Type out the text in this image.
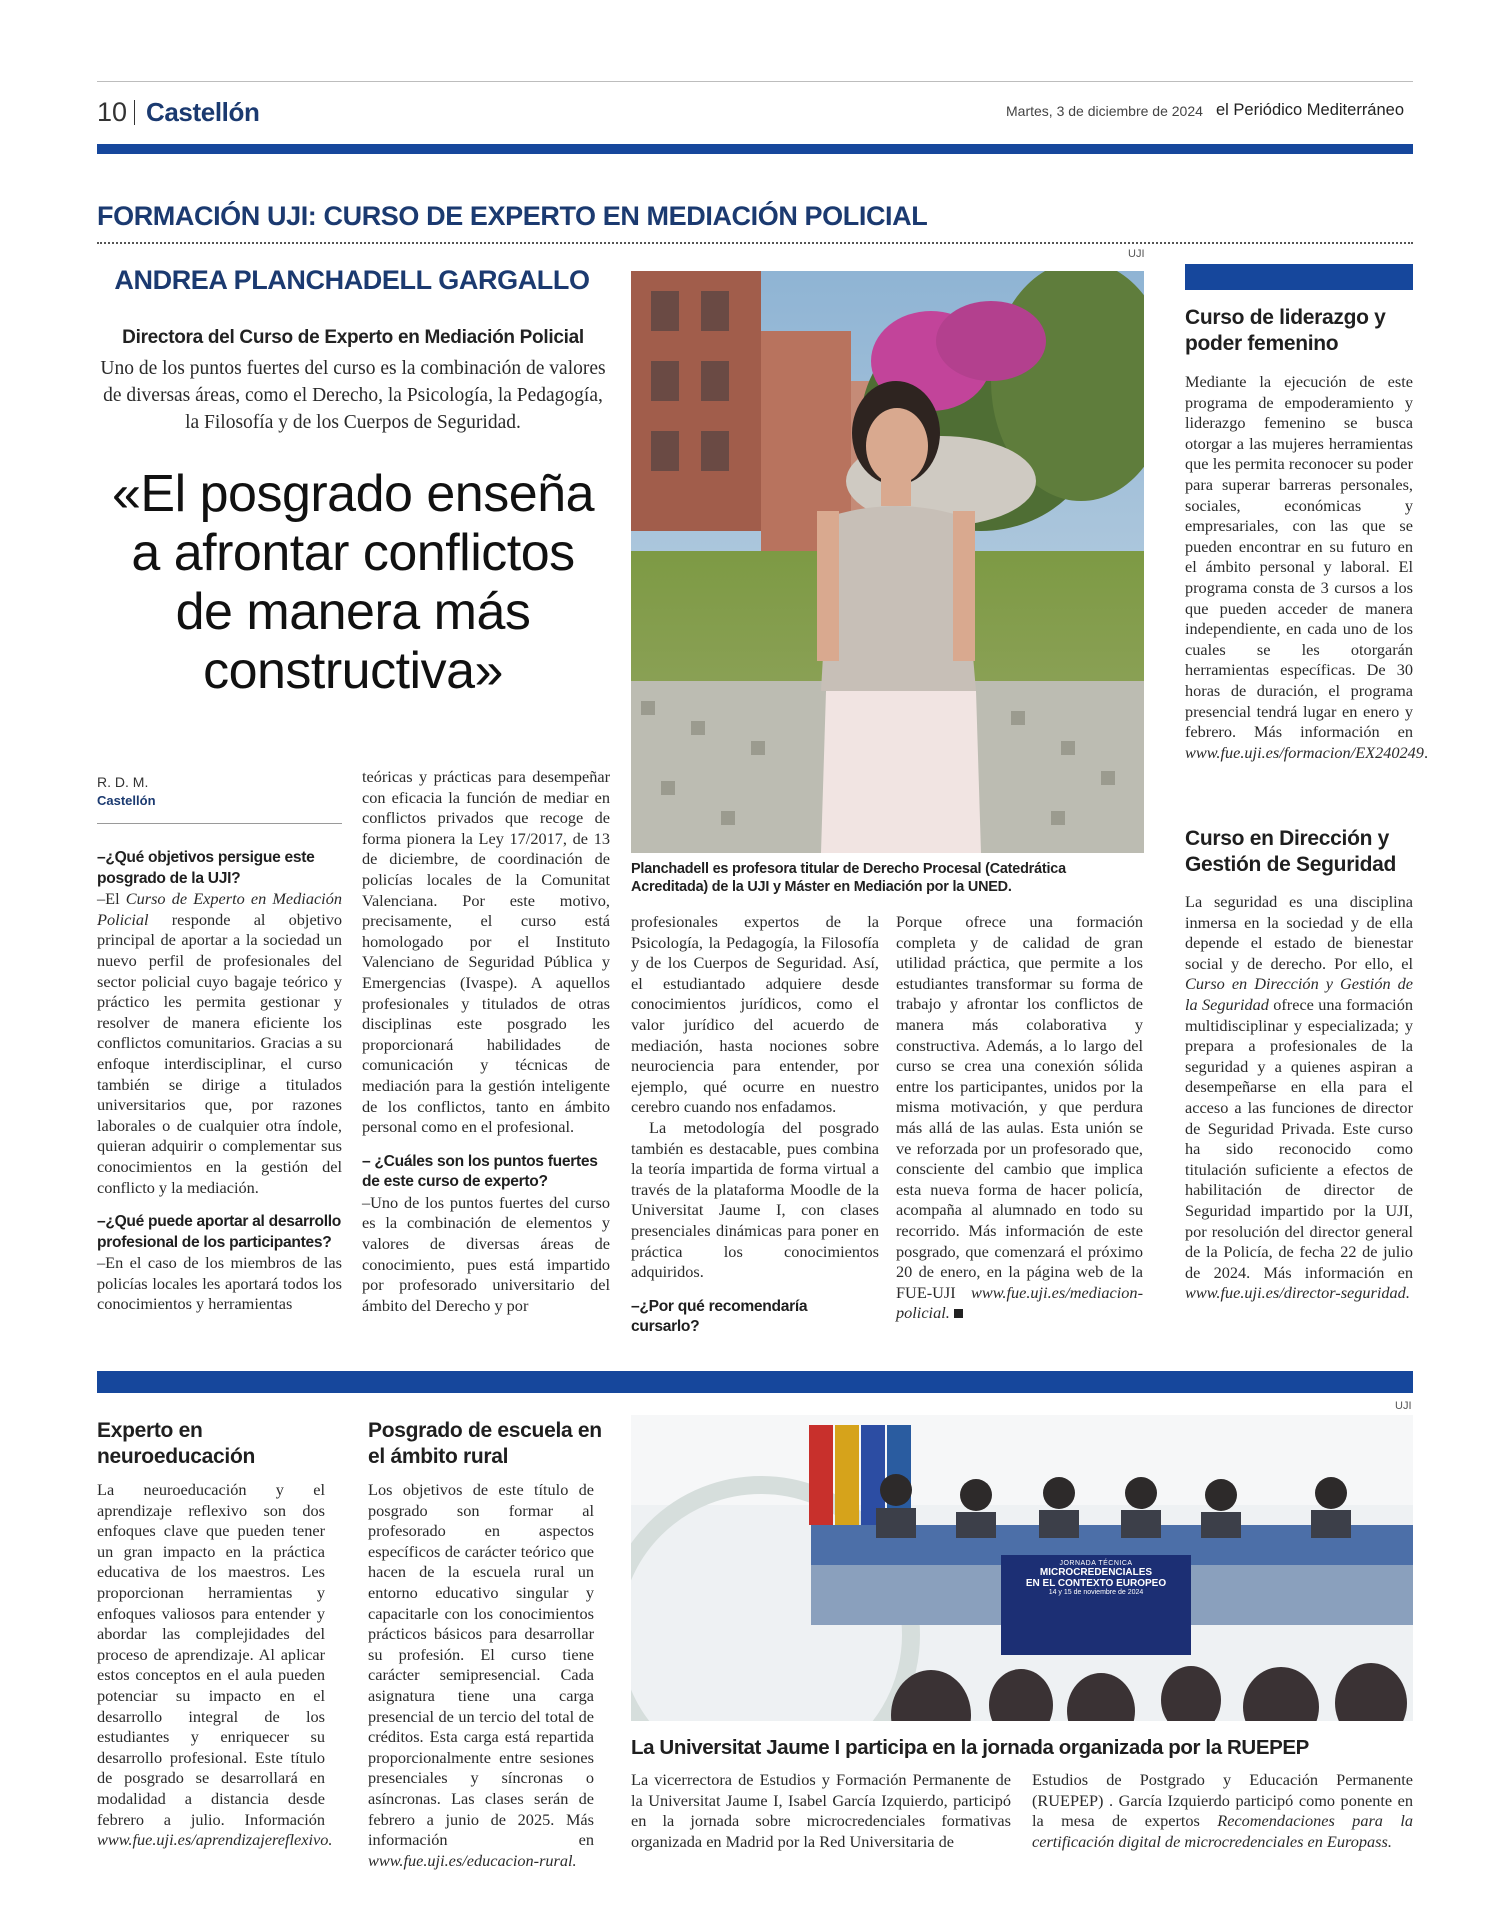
10 Castellón	Martes, 3 de diciembre de 2024 el Periódico Mediterráneo
FORMACIÓN UJI: CURSO DE EXPERTO EN MEDIACIÓN POLICIAL
ANDREA PLANCHADELL GARGALLO
Directora del Curso de Experto en Mediación Policial
Uno de los puntos fuertes del curso es la combinación de valores de diversas áreas, como el Derecho, la Psicología, la Pedagogía, la Filosofía y de los Cuerpos de Seguridad.
«El posgrado enseña a afrontar conflictos de manera más constructiva»
UJI
Planchadell es profesora titular de Derecho Procesal (Catedrática Acreditada) de la UJI y Máster en Mediación por la UNED.
R. D. M.
Castellón

–¿Qué objetivos persigue este posgrado de la UJI?

–El Curso de Experto en Mediación Policial responde al objetivo principal de aportar a la sociedad un nuevo perfil de profesionales del sector policial cuyo bagaje teórico y práctico les permita gestionar y resolver de manera eficiente los conflictos comunitarios. Gracias a su enfoque interdisciplinar, el curso también se dirige a titulados universitarios que, por razones laborales o de cualquier otra índole, quieran adquirir o complementar sus conocimientos en la gestión del conflicto y la mediación.

–¿Qué puede aportar al desarrollo profesional de los participantes?

–En el caso de los miembros de las policías locales les aportará todos los conocimientos y herramientas

teóricas y prácticas para desempeñar con eficacia la función de mediar en conflictos privados que recoge de forma pionera la Ley 17/2017, de 13 de diciembre, de coordinación de policías locales de la Comunitat Valenciana. Por este motivo, precisamente, el curso está homologado por el Instituto Valenciano de Seguridad Pública y Emergencias (Ivaspe). A aquellos profesionales y titulados de otras disciplinas este posgrado les proporcionará habilidades de comunicación y técnicas de mediación para la gestión inteligente de los conflictos, tanto en ámbito personal como en el profesional.

– ¿Cuáles son los puntos fuertes de este curso de experto?

–Uno de los puntos fuertes del curso es la combinación de elementos y valores de diversas áreas de conocimiento, pues está impartido por profesorado universitario del ámbito del Derecho y por

profesionales expertos de la Psicología, la Pedagogía, la Filosofía y de los Cuerpos de Seguridad. Así, el estudiantado adquiere desde conocimientos jurídicos, como el valor jurídico del acuerdo de mediación, hasta nociones sobre neurociencia para entender, por ejemplo, qué ocurre en nuestro cerebro cuando nos enfadamos.

La metodología del posgrado también es destacable, pues combina la teoría impartida de forma virtual a través de la plataforma Moodle de la Universitat Jaume I, con clases presenciales dinámicas para poner en práctica los conocimientos adquiridos.

–¿Por qué recomendaría cursarlo?

Porque ofrece una formación completa y de calidad de gran utilidad práctica, que permite a los estudiantes transformar su forma de trabajo y afrontar los conflictos de manera más colaborativa y constructiva. Además, a lo largo del curso se crea una conexión sólida entre los participantes, unidos por la misma motivación, y que perdura más allá de las aulas. Esta unión se ve reforzada por un profesorado que, consciente del cambio que implica esta nueva forma de hacer policía, acompaña al alumnado en todo su recorrido. Más información de este posgrado, que comenzará el próximo 20 de enero, en la página web de la FUE-UJI www.fue.uji.es/mediacion-policial.

Curso de liderazgo y poder femenino

Mediante la ejecución de este programa de empoderamiento y liderazgo femenino se busca otorgar a las mujeres herramientas que les permita reconocer su poder para superar barreras personales, sociales, económicas y empresariales, con las que se pueden encontrar en su futuro en el ámbito personal y laboral. El programa consta de 3 cursos a los que pueden acceder de manera independiente, en cada uno de los cuales se les otorgarán herramientas específicas. De 30 horas de duración, el programa presencial tendrá lugar en enero y febrero. Más información en www.fue.uji.es/formacion/EX240249.

Curso en Dirección y Gestión de Seguridad

La seguridad es una disciplina inmersa en la sociedad y de ella depende el estado de bienestar social y de derecho. Por ello, el Curso en Dirección y Gestión de la Seguridad ofrece una formación multidisciplinar y especializada; y prepara a profesionales de la seguridad y a quienes aspiran a desempeñarse en ella para el acceso a las funciones de director de Seguridad Privada. Este curso ha sido reconocido como titulación suficiente a efectos de habilitación de director de Seguridad impartido por la UJI, por resolución del director general de la Policía, de fecha 22 de julio de 2024. Más información en www.fue.uji.es/director-seguridad.

Experto en neuroeducación

La neuroeducación y el aprendizaje reflexivo son dos enfoques clave que pueden tener un gran impacto en la práctica educativa de los maestros. Les proporcionan herramientas y enfoques valiosos para entender y abordar las complejidades del proceso de aprendizaje. Al aplicar estos conceptos en el aula pueden potenciar su impacto en el desarrollo integral de los estudiantes y enriquecer su desarrollo profesional. Este título de posgrado se desarrollará en modalidad a distancia desde febrero a julio. Información www.fue.uji.es/aprendizajereflexivo.

Posgrado de escuela en el ámbito rural

Los objetivos de este título de posgrado son formar al profesorado en aspectos específicos de carácter teórico que hacen de la escuela rural un entorno educativo singular y capacitarle con los conocimientos prácticos básicos para desarrollar su profesión. El curso tiene carácter semipresencial. Cada asignatura tiene una carga presencial de un tercio del total de créditos. Esta carga está repartida proporcionalmente entre sesiones presenciales y síncronas o asíncronas. Las clases serán de febrero a junio de 2025. Más información en www.fue.uji.es/educacion-rural.

UJI
JORNADA TÉCNICA
MICROCREDENCIALES
EN EL CONTEXTO EUROPEO
14 y 15 de noviembre de 2024
La Universitat Jaume I participa en la jornada organizada por la RUEPEP

La vicerrectora de Estudios y Formación Permanente de la Universitat Jaume I, Isabel García Izquierdo, participó en la jornada sobre microcredenciales formativas organizada en Madrid por la Red Universitaria de

Estudios de Postgrado y Educación Permanente (RUEPEP) . García Izquierdo participó como ponente en la mesa de expertos Recomendaciones para la certificación digital de microcredenciales en Europass.
